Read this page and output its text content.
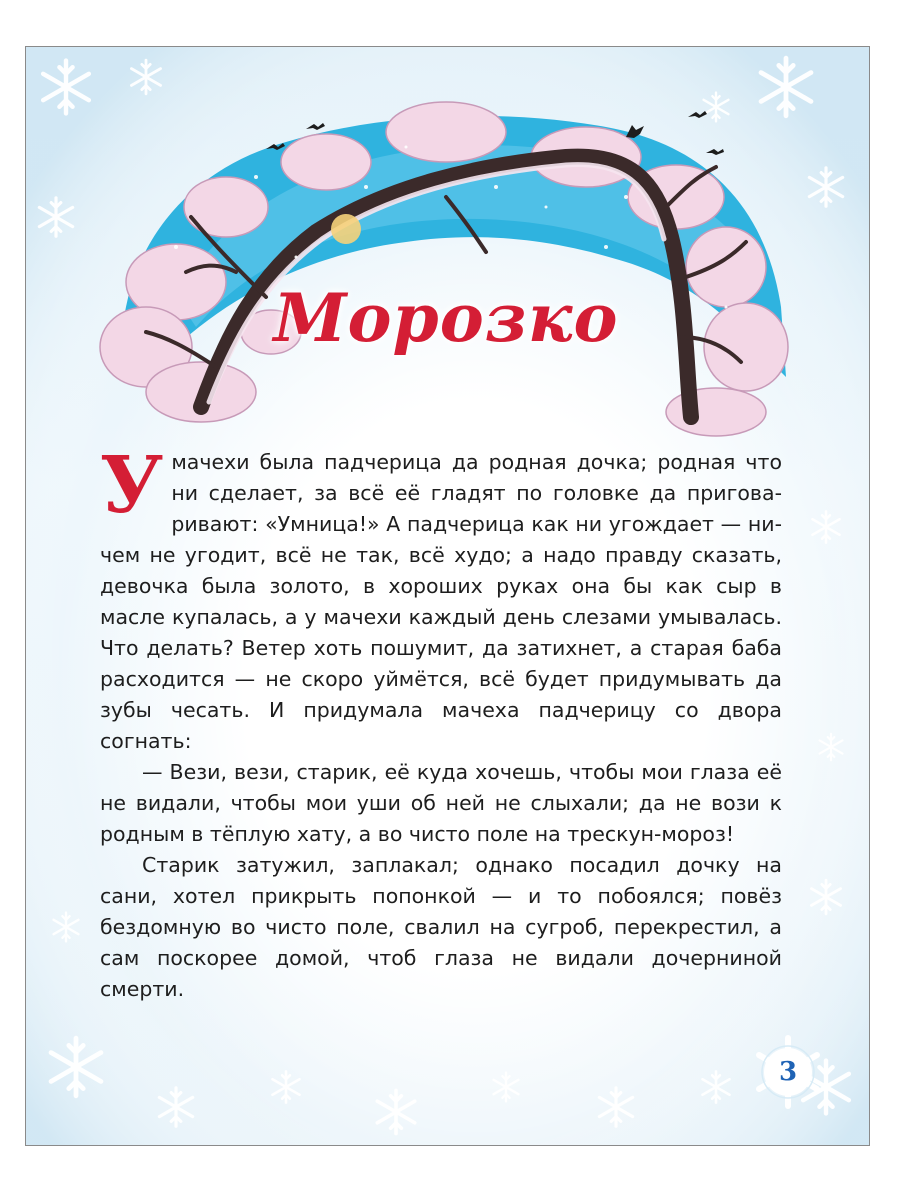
Морозко

Умачехи была падчерица да родная дочка; родная что ни сделает, за всё её гладят по головке да приговаривают: «Умница!» А падчерица как ни угождает — ничем не угодит, всё не так, всё худо; а надо правду сказать, девочка была золото, в хороших руках она бы как сыр в масле купалась, а у мачехи каждый день слезами умывалась. Что делать? Ветер хоть пошумит, да затихнет, а старая баба расходится — не скоро уймётся, всё будет придумывать да зубы чесать. И придумала мачеха падчерицу со двора согнать:

— Вези, вези, старик, её куда хочешь, чтобы мои глаза её не видали, чтобы мои уши об ней не слыхали; да не вози к родным в тёплую хату, а во чисто поле на трескун-мороз!

Старик затужил, заплакал; однако посадил дочку на сани, хотел прикрыть попонкой — и то побоялся; повёз бездомную во чисто поле, свалил на сугроб, перекрестил, а сам поскорее домой, чтоб глаза не видали дочерниной смерти.

3
